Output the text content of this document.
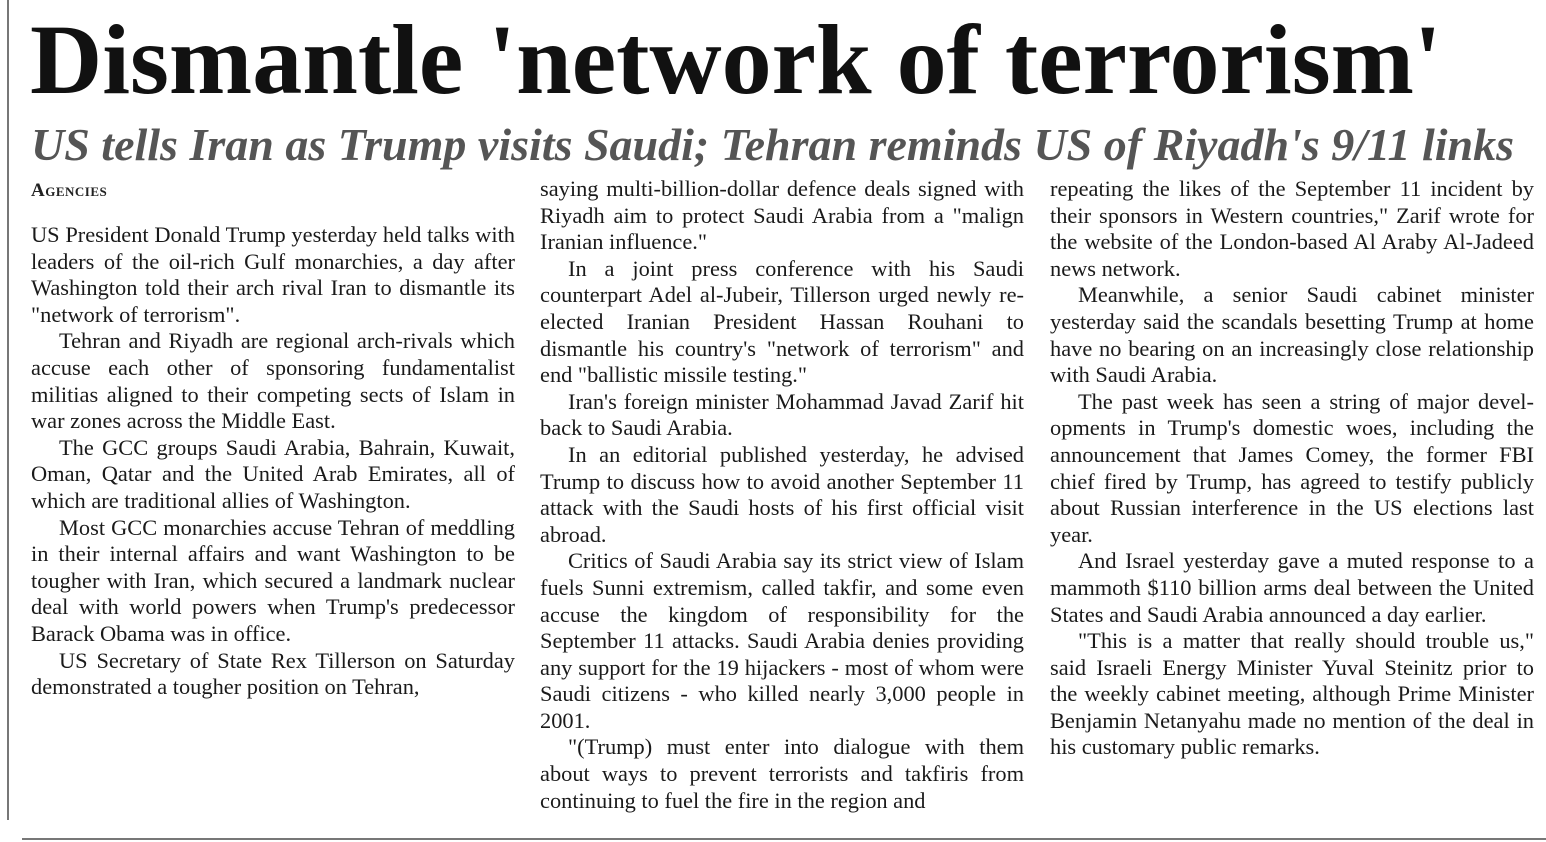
Dismantle 'network of terrorism'
US tells Iran as Trump visits Saudi; Tehran reminds US of Riyadh's 9/11 links
Agencies

US President Donald Trump yesterday held talks with leaders of the oil-rich Gulf monarchies, a day after Washington told their arch rival Iran to dismantle its "network of terrorism".

Tehran and Riyadh are regional arch-rivals which accuse each other of sponsoring fundamentalist militias aligned to their competing sects of Islam in war zones across the Middle East.

The GCC groups Saudi Arabia, Bahrain, Kuwait, Oman, Qatar and the United Arab Emirates, all of which are traditional allies of Washington.

Most GCC monarchies accuse Tehran of meddling in their internal affairs and want Washington to be tougher with Iran, which secured a landmark nuclear deal with world powers when Trump's predecessor Barack Obama was in office.

US Secretary of State Rex Tillerson on Saturday demonstrated a tougher position on Tehran,

saying multi-billion-dollar defence deals signed with Riyadh aim to protect Saudi Arabia from a "malign Iranian influence."

In a joint press conference with his Saudi counterpart Adel al-Jubeir, Tillerson urged newly re-elected Iranian President Hassan Rouhani to dismantle his country's "network of terrorism" and end "ballistic missile testing."

Iran's foreign minister Mohammad Javad Zarif hit back to Saudi Arabia.

In an editorial published yesterday, he advised Trump to discuss how to avoid another September 11 attack with the Saudi hosts of his first official visit abroad.

Critics of Saudi Arabia say its strict view of Islam fuels Sunni extremism, called takfir, and some even accuse the kingdom of responsibility for the September 11 attacks. Saudi Arabia denies providing any support for the 19 hijackers - most of whom were Saudi citizens - who killed nearly 3,000 people in 2001.

"(Trump) must enter into dialogue with them about ways to prevent terrorists and takfiris from continuing to fuel the fire in the region and

repeating the likes of the September 11 incident by their sponsors in Western countries," Zarif wrote for the website of the London-based Al Araby Al-Jadeed news network.

Meanwhile, a senior Saudi cabinet minister yesterday said the scandals besetting Trump at home have no bearing on an increasingly close relationship with Saudi Arabia.

The past week has seen a string of major developments in Trump's domestic woes, including the announcement that James Comey, the former FBI chief fired by Trump, has agreed to testify publicly about Russian interference in the US elections last year.

And Israel yesterday gave a muted response to a mammoth $110 billion arms deal between the United States and Saudi Arabia announced a day earlier.

"This is a matter that really should trouble us," said Israeli Energy Minister Yuval Steinitz prior to the weekly cabinet meeting, although Prime Minister Benjamin Netanyahu made no mention of the deal in his customary public remarks.
